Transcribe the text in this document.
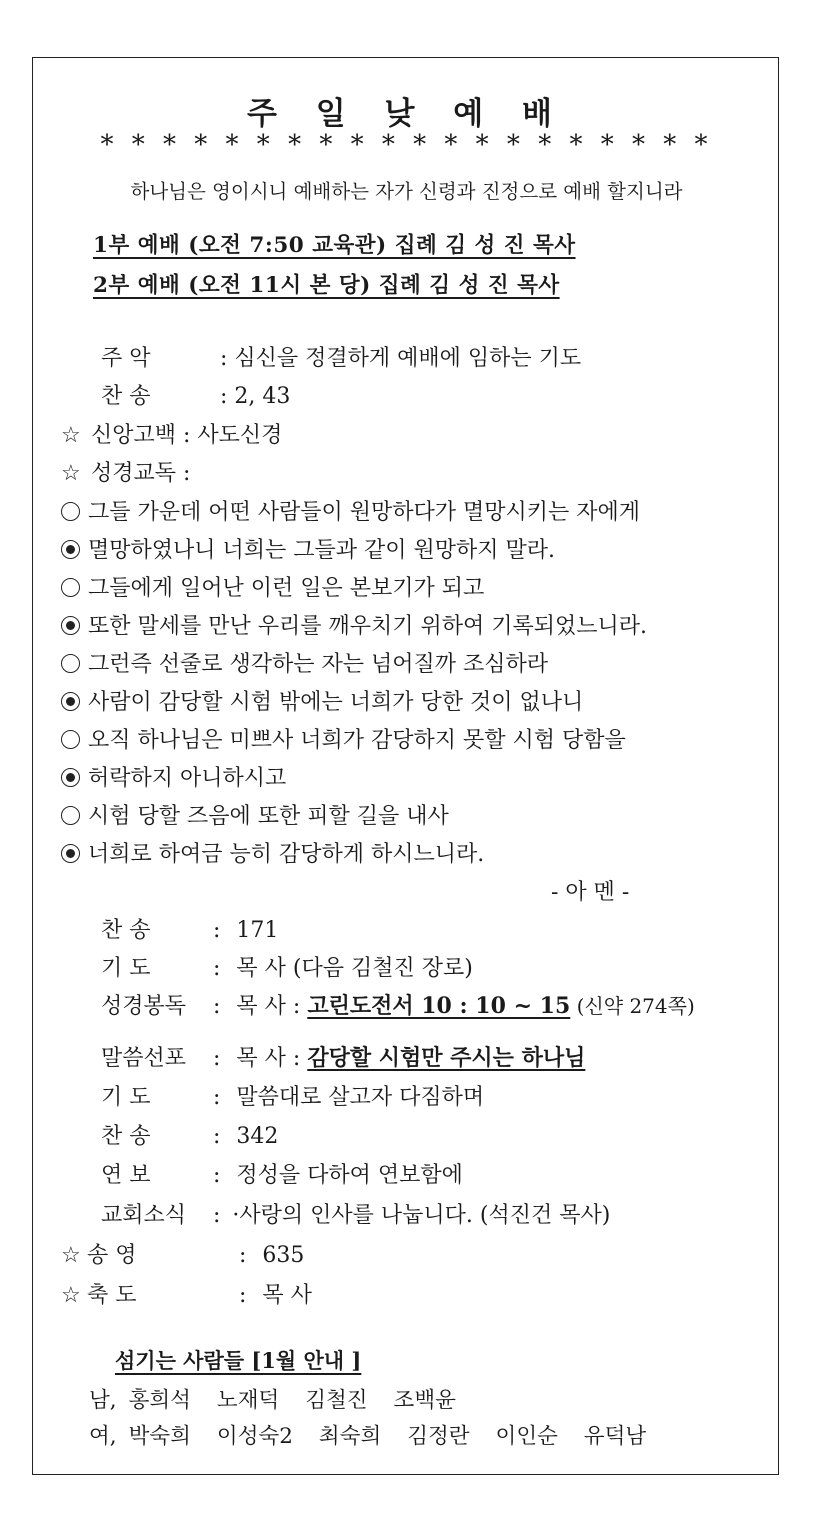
주 일 낮 예 배
* * * * * * * * * * * * * * * * * * * *
하나님은 영이시니 예배하는 자가 신령과 진정으로 예배 할지니라
1부 예배 (오전 7:50 교육관) 집례 김 성 진 목사
2부 예배 (오전 11시 본 당) 집례 김 성 진 목사
주 악	: 심신을 정결하게 예배에 임하는 기도
찬 송	: 2, 43
☆ 신앙고백 : 사도신경
☆ 성경교독 :
그들 가운데 어떤 사람들이 원망하다가 멸망시키는 자에게
멸망하였나니 너희는 그들과 같이 원망하지 말라.
그들에게 일어난 이런 일은 본보기가 되고
또한 말세를 만난 우리를 깨우치기 위하여 기록되었느니라.
그런즉 선줄로 생각하는 자는 넘어질까 조심하라
사람이 감당할 시험 밖에는 너희가 당한 것이 없나니
오직 하나님은 미쁘사 너희가 감당하지 못할 시험 당함을
허락하지 아니하시고
시험 당할 즈음에 또한 피할 길을 내사
너희로 하여금 능히 감당하게 하시느니라.
- 아 멘 -
찬 송	: 171
기 도	: 목 사 (다음 김철진 장로)
성경봉독 : 목 사 : 고린도전서 10 : 10 ~ 15 (신약 274쪽)
말씀선포 : 목 사 : 감당할 시험만 주시는 하나님
기 도	: 말씀대로 살고자 다짐하며
찬 송	: 342
연 보	: 정성을 다하여 연보함에
교회소식 : ·사랑의 인사를 나눕니다. (석진건 목사)
☆ 송 영	: 635
☆ 축 도	: 목 사
섬기는 사람들 [1월 안내 ]
남, 홍희석 노재덕 김철진 조백윤
여, 박숙희 이성숙2 최숙희 김정란 이인순 유덕남
